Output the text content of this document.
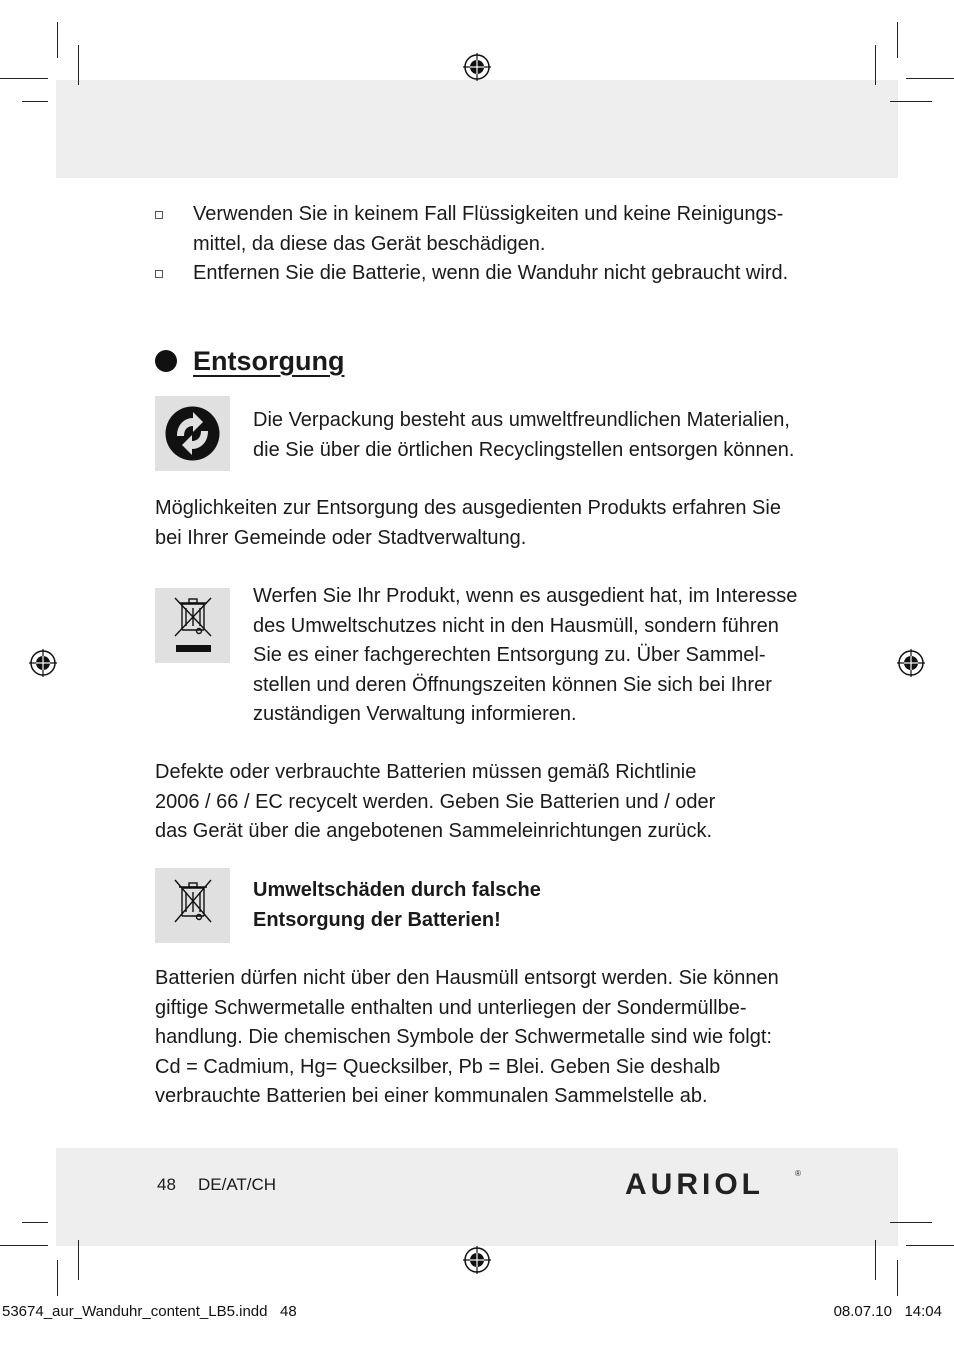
Verwenden Sie in keinem Fall Flüssigkeiten und keine Reinigungs-
mittel, da diese das Gerät beschädigen.
Entfernen Sie die Batterie, wenn die Wanduhr nicht gebraucht wird.
Entsorgung
Die Verpackung besteht aus umweltfreundlichen Materialien,
die Sie über die örtlichen Recyclingstellen entsorgen können.
Möglichkeiten zur Entsorgung des ausgedienten Produkts erfahren Sie
bei Ihrer Gemeinde oder Stadtverwaltung.
Werfen Sie Ihr Produkt, wenn es ausgedient hat, im Interesse
des Umweltschutzes nicht in den Hausmüll, sondern führen
Sie es einer fachgerechten Entsorgung zu. Über Sammel-
stellen und deren Öffnungszeiten können Sie sich bei Ihrer
zuständigen Verwaltung informieren.
Defekte oder verbrauchte Batterien müssen gemäß Richtlinie
2006 / 66 / EC recycelt werden. Geben Sie Batterien und / oder
das Gerät über die angebotenen Sammeleinrichtungen zurück.
Umweltschäden durch falsche
Entsorgung der Batterien!
Batterien dürfen nicht über den Hausmüll entsorgt werden. Sie können
giftige Schwermetalle enthalten und unterliegen der Sondermüllbe-
handlung. Die chemischen Symbole der Schwermetalle sind wie folgt:
Cd = Cadmium, Hg= Quecksilber, Pb = Blei. Geben Sie deshalb
verbrauchte Batterien bei einer kommunalen Sammelstelle ab.
48 DE/AT/CH	AURIOL	®
53674_aur_Wanduhr_content_LB5.indd   48	08.07.10   14:04
